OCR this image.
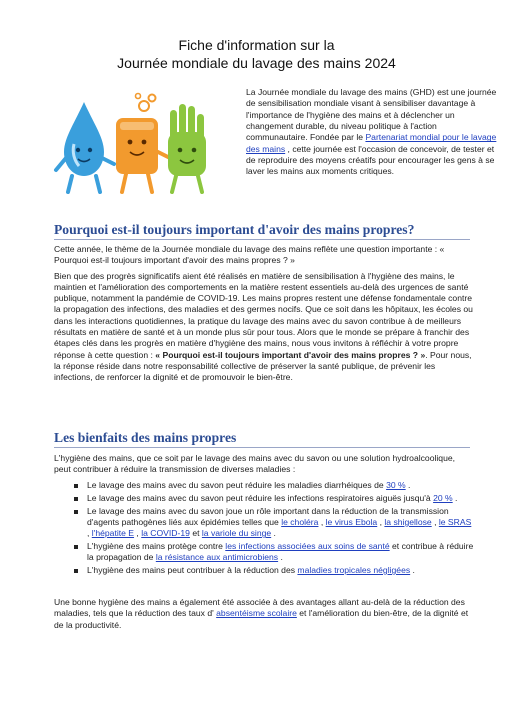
Fiche d'information sur la
Journée mondiale du lavage des mains 2024
La Journée mondiale du lavage des mains (GHD) est une journée de sensibilisation mondiale visant à sensibiliser davantage à l'importance de l'hygiène des mains et à déclencher un changement durable, du niveau politique à l'action communautaire. Fondée par le Partenariat mondial pour le lavage des mains , cette journée est l'occasion de concevoir, de tester et de reproduire des moyens créatifs pour encourager les gens à se laver les mains aux moments critiques.
Pourquoi est-il toujours important d'avoir des mains propres?

Cette année, le thème de la Journée mondiale du lavage des mains reflète une question importante : « Pourquoi est-il toujours important d'avoir des mains propres ? »

Bien que des progrès significatifs aient été réalisés en matière de sensibilisation à l'hygiène des mains, le maintien et l'amélioration des comportements en la matière restent essentiels au-delà des urgences de santé publique, notamment la pandémie de COVID-19. Les mains propres restent une défense fondamentale contre la propagation des infections, des maladies et des germes nocifs. Que ce soit dans les hôpitaux, les écoles ou dans les interactions quotidiennes, la pratique du lavage des mains avec du savon contribue à de meilleurs résultats en matière de santé et à un monde plus sûr pour tous. Alors que le monde se prépare à franchir des étapes clés dans les progrès en matière d'hygiène des mains, nous vous invitons à réfléchir à votre propre réponse à cette question : « Pourquoi est-il toujours important d'avoir des mains propres ? ». Pour nous, la réponse réside dans notre responsabilité collective de préserver la santé publique, de prévenir les infections, de renforcer la dignité et de promouvoir le bien-être.

Les bienfaits des mains propres
L'hygiène des mains, que ce soit par le lavage des mains avec du savon ou une solution hydroalcoolique, peut contribuer à réduire la transmission de diverses maladies :
Le lavage des mains avec du savon peut réduire les maladies diarrhéiques de 30 % .
Le lavage des mains avec du savon peut réduire les infections respiratoires aiguës jusqu'à 20 % .
Le lavage des mains avec du savon joue un rôle important dans la réduction de la transmission d'agents pathogènes liés aux épidémies telles que le choléra , le virus Ebola , la shigellose , le SRAS , l'hépatite E , la COVID-19 et la variole du singe .
L'hygiène des mains protège contre les infections associées aux soins de santé et contribue à réduire la propagation de la résistance aux antimicrobiens .
L'hygiène des mains peut contribuer à la réduction des maladies tropicales négligées .
Une bonne hygiène des mains a également été associée à des avantages allant au-delà de la réduction des maladies, tels que la réduction des taux d' absentéisme scolaire et l'amélioration du bien-être, de la dignité et de la productivité.
